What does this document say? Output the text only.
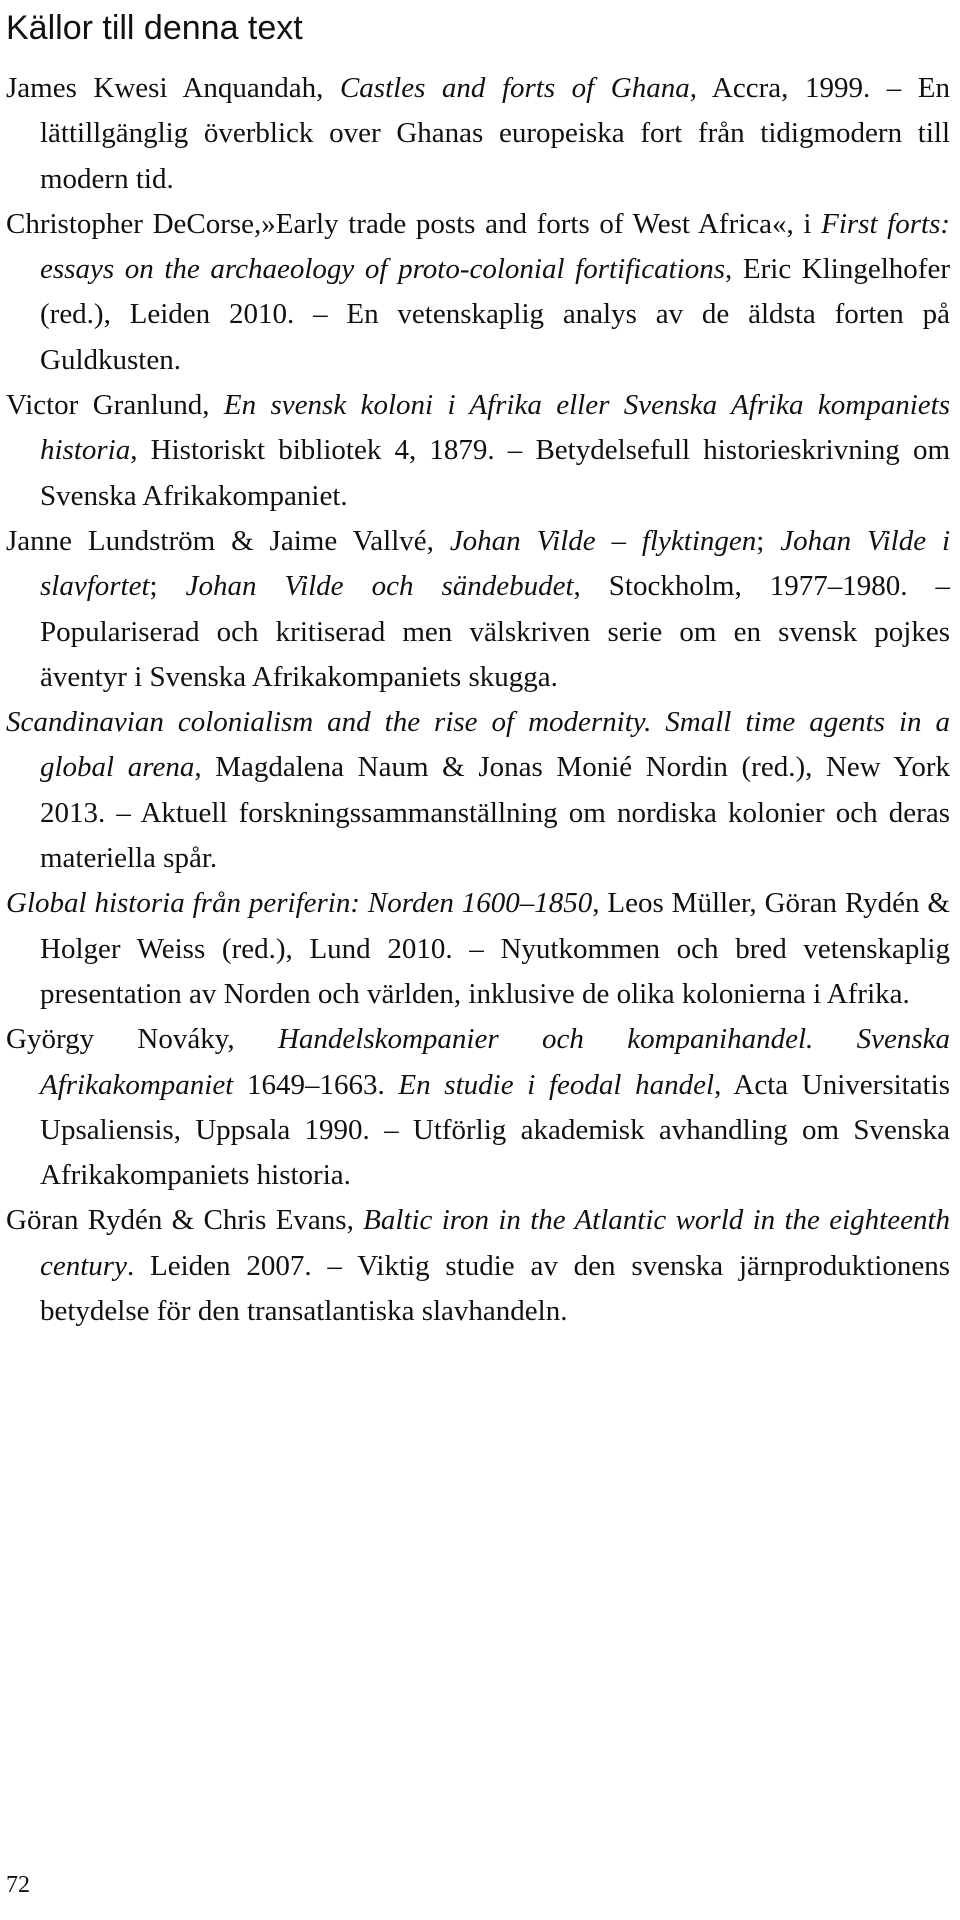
Källor till denna text

James Kwesi Anquandah, Castles and forts of Ghana, Accra, 1999. – En lättillgänglig överblick over Ghanas europeiska fort från tidigmodern till modern tid.

Christopher DeCorse,»Early trade posts and forts of West Africa«, i First forts: essays on the archaeology of proto-colonial fortifications, Eric Klingelhofer (red.), Leiden 2010. – En vetenskaplig analys av de äldsta forten på Guldkusten.

Victor Granlund, En svensk koloni i Afrika eller Svenska Afrika kompaniets historia, Historiskt bibliotek 4, 1879. – Betydelsefull historieskrivning om Svenska Afrikakompaniet.

Janne Lundström & Jaime Vallvé, Johan Vilde – flyktingen; Johan Vilde i slavfortet; Johan Vilde och sändebudet, Stockholm, 1977–1980. – Populariserad och kritiserad men välskriven serie om en svensk pojkes äventyr i Svenska Afrikakompaniets skugga.

Scandinavian colonialism and the rise of modernity. Small time agents in a global arena, Magdalena Naum & Jonas Monié Nordin (red.), New York 2013. – Aktuell forskningssammanställning om nordiska kolonier och deras materiella spår.

Global historia från periferin: Norden 1600–1850, Leos Müller, Göran Rydén & Holger Weiss (red.), Lund 2010. – Nyutkommen och bred vetenskaplig presentation av Norden och världen, inklusive de olika kolonierna i Afrika.

György Nováky, Handelskompanier och kompanihandel. Svenska Afrikakompaniet 1649–1663. En studie i feodal handel, Acta Universitatis Upsaliensis, Uppsala 1990. – Utförlig akademisk avhandling om Svenska Afrikakompaniets historia.

Göran Rydén & Chris Evans, Baltic iron in the Atlantic world in the eighteenth century. Leiden 2007. – Viktig studie av den svenska järnproduktionens betydelse för den transatlantiska slavhandeln.

72
